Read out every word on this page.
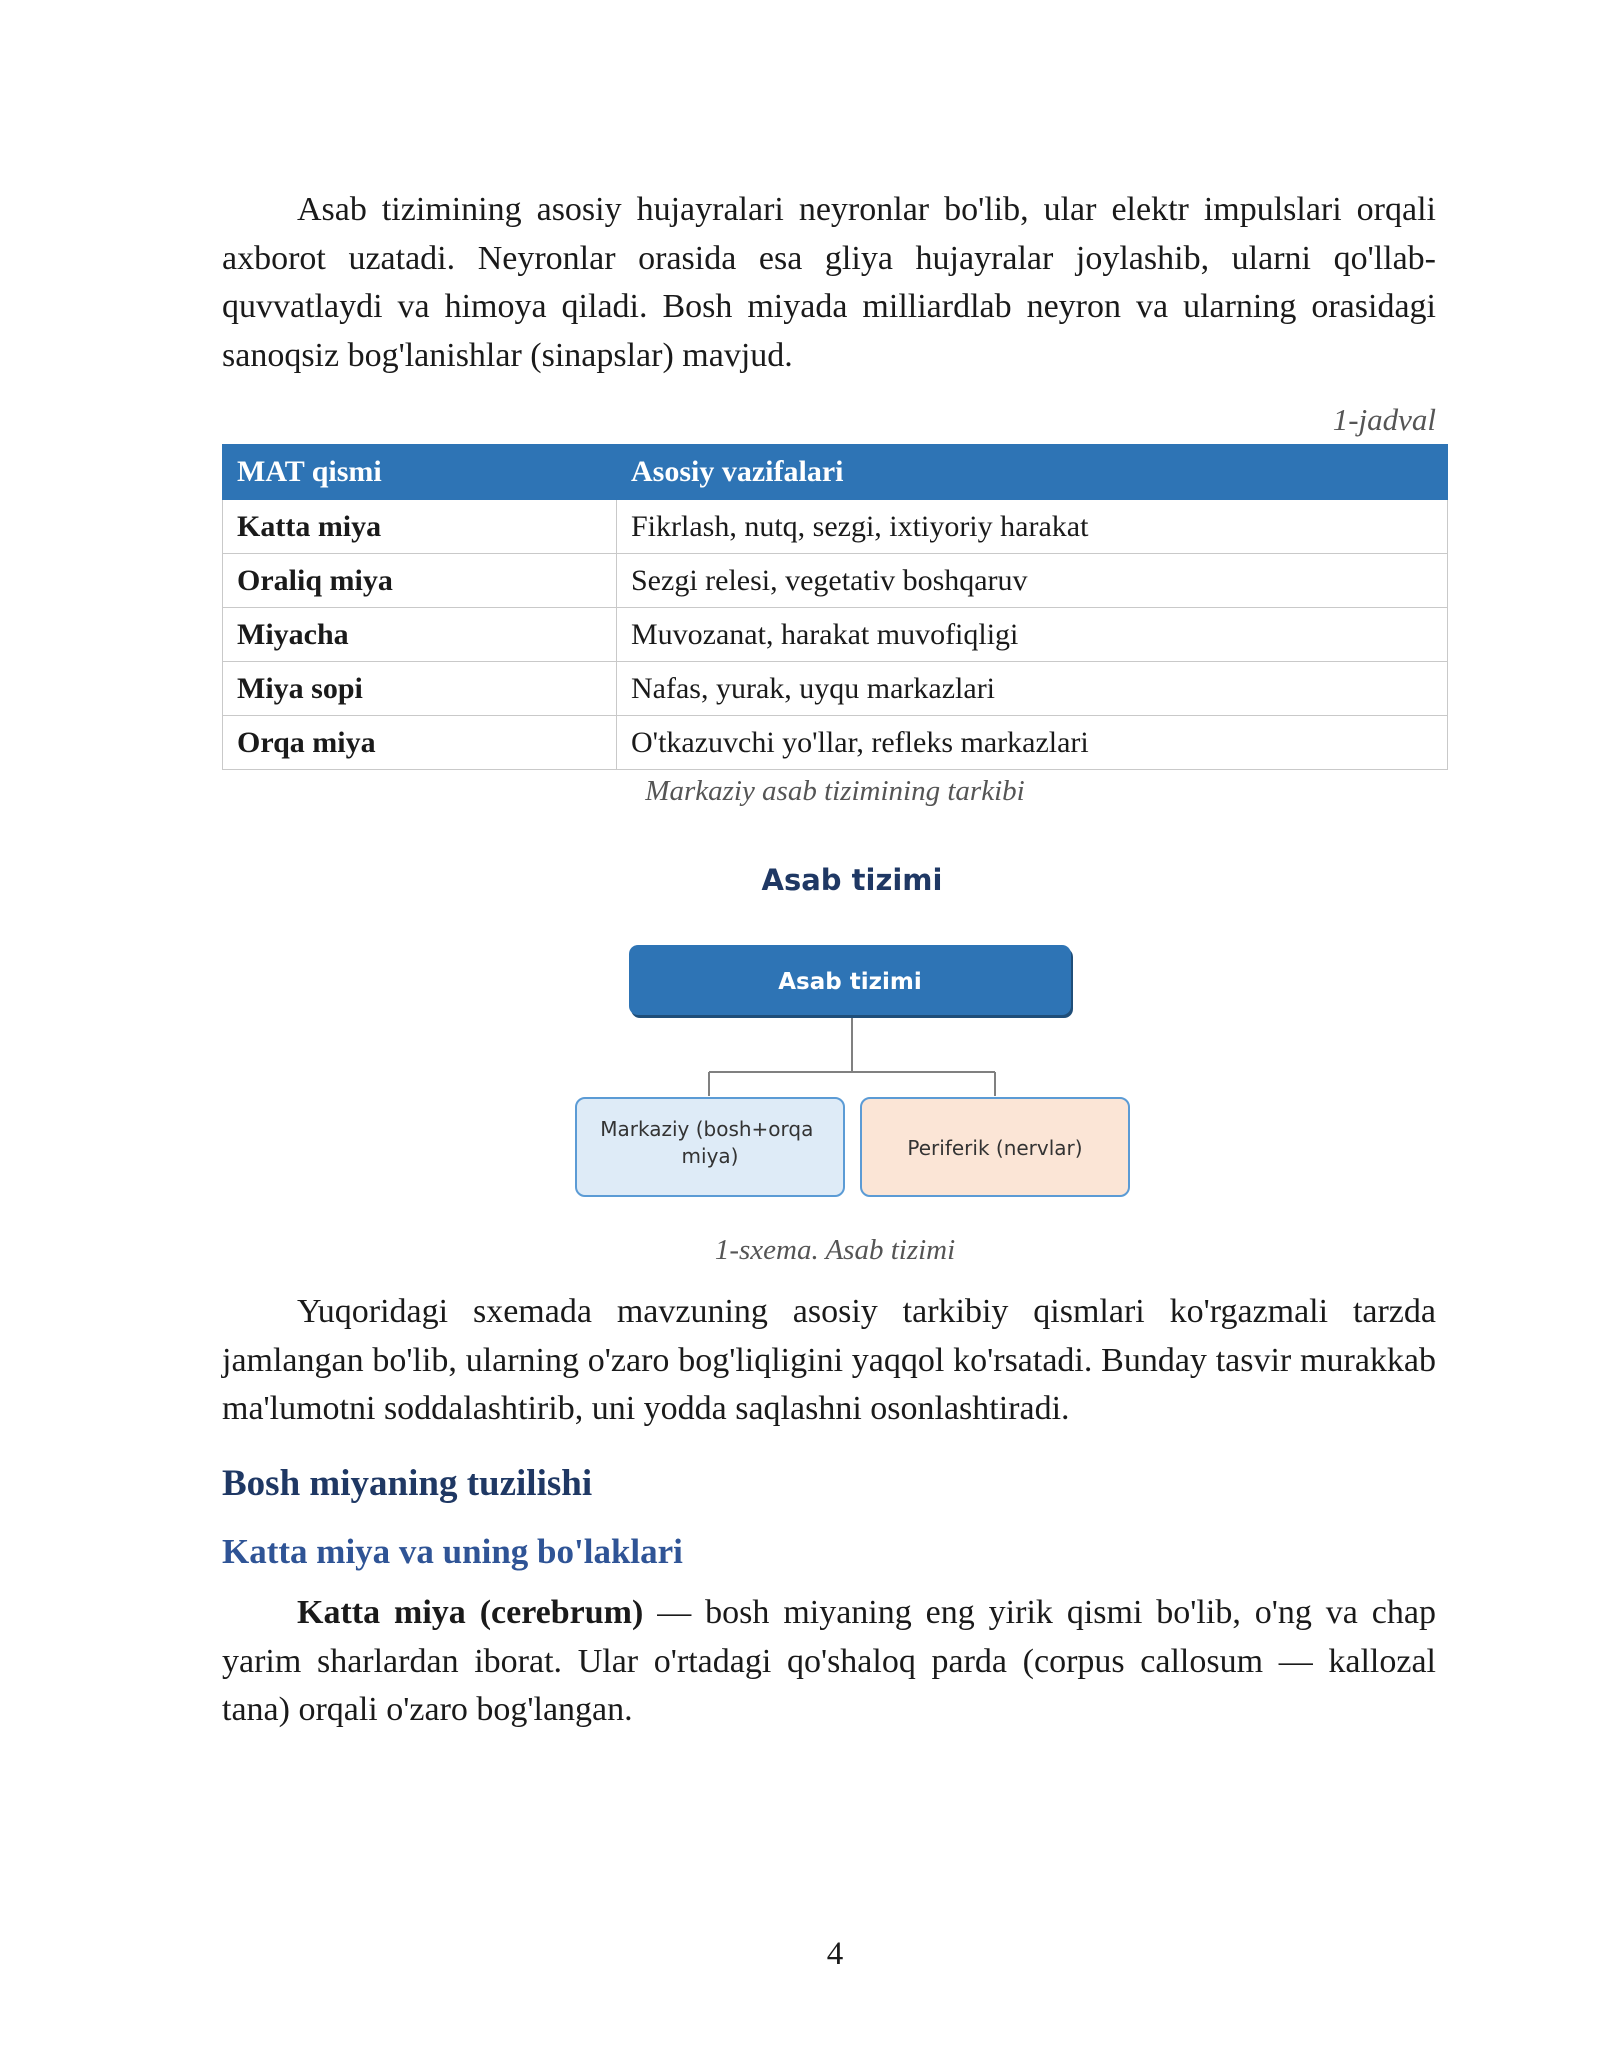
Asab tizimining asosiy hujayralari neyronlar bo'lib, ular elektr impulslari orqali axborot uzatadi. Neyronlar orasida esa gliya hujayralar joylashib, ularni qo'llab-quvvatlaydi va himoya qiladi. Bosh miyada milliardlab neyron va ularning orasidagi sanoqsiz bog'lanishlar (sinapslar) mavjud.

1-jadval
MAT qismi	Asosiy vazifalari
Katta miya	Fikrlash, nutq, sezgi, ixtiyoriy harakat
Oraliq miya	Sezgi relesi, vegetativ boshqaruv
Miyacha	Muvozanat, harakat muvofiqligi
Miya sopi	Nafas, yurak, uyqu markazlari
Orqa miya	O'tkazuvchi yo'llar, refleks markazlari
Markaziy asab tizimining tarkibi
Asab tizimi
Asab tizimi
Markaziy (bosh+orqa miya)	Periferik (nervlar)
1-sxema. Asab tizimi

Yuqoridagi sxemada mavzuning asosiy tarkibiy qismlari ko'rgazmali tarzda jamlangan bo'lib, ularning o'zaro bog'liqligini yaqqol ko'rsatadi. Bunday tasvir murakkab ma'lumotni soddalashtirib, uni yodda saqlashni osonlashtiradi.

Bosh miyaning tuzilishi
Katta miya va uning bo'laklari

Katta miya (cerebrum) — bosh miyaning eng yirik qismi bo'lib, o'ng va chap yarim sharlardan iborat. Ular o'rtadagi qo'shaloq parda (corpus callosum — kallozal tana) orqali o'zaro bog'langan.

4
